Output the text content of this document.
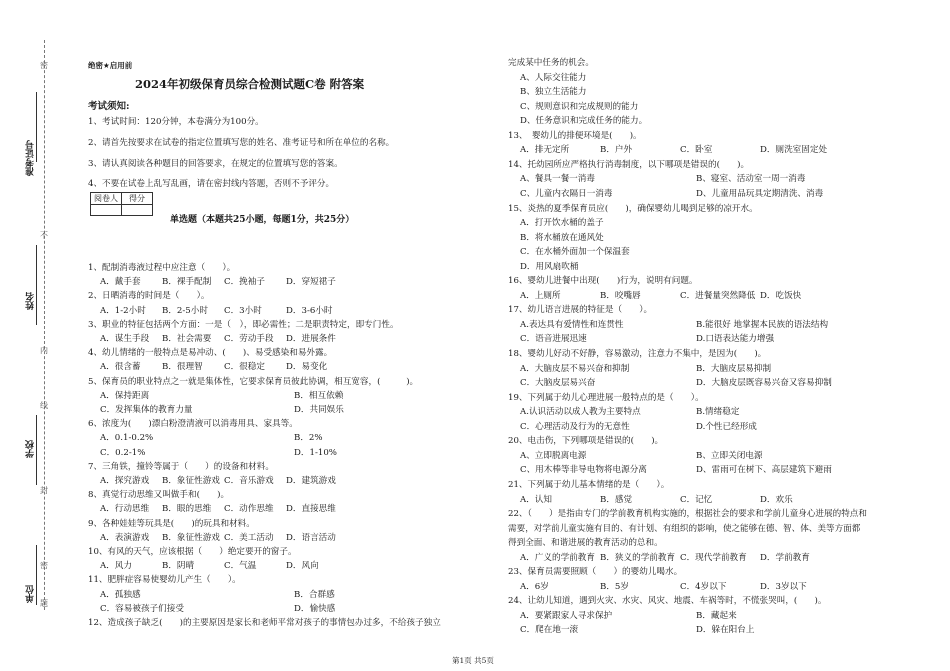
准考证号
姓名
学校
单位
密
不
内
线
封
密
题
绝密★启用前
2024年初级保育员综合检测试题C卷 附答案
考试须知:
1、考试时间：120分钟，本卷满分为100分。
2、请首先按要求在试卷的指定位置填写您的姓名、准考证号和所在单位的名称。
3、请认真阅读各种题目的回答要求，在规定的位置填写您的答案。
4、不要在试卷上乱写乱画，请在密封线内答题，否则不予评分。
阅卷人	得分

单选题（本题共25小题，每题1分，共25分）
1、配制消毒液过程中应注意（　　）。
A．戴手套 B．裸手配制 C．挽袖子 D．穿短裙子
2、日晒消毒的时间是（　　）。
A．1-2小时 B．2-5小时 C．3小时	D．3-6小时
3、职业的特征包括两个方面：一是（　），即必需性；二是职责特定，即专门性。
A．谋生手段 B．社会需要 C．劳动手段 D．进展条件
4、幼儿情绪的一般特点是易冲动、(　　)、易受感染和易外露。
A．很含蓄 B．很理智 C．很稳定 D．易变化
5、保育员的职业特点之一就是集体性，它要求保育员彼此协调，相互宽容，(　　　)。
A．保持距离	B．相互依赖
C．发挥集体的教育力量	D．共同娱乐
6、浓度为(　　)漂白粉澄清液可以消毒用具、家具等。
A．0.1-0.2%	B．2%
C．0.2-1%	D．1-10%
7、三角铁，撞铃等属于（　　）的设备和材料。
A．探究游戏 B．象征性游戏 C．音乐游戏 D．建筑游戏
8、真觉行动思维又叫做手和(　　)。
A．行动思维 B．眼的思维 C．动作思维 D．直接思维
9、各种娃娃等玩具是(　　)的玩具和材料。
A．表演游戏 B．象征性游戏 C．美工活动 D．语言活动
10、有风的天气，应该根据（　　）绝定要开的窗子。
A．风力	B．阴晴	C．气温	D．风向
11、肥胖症容易使婴幼儿产生（　　）。
A．孤独感	B．合群感
C．容易被孩子们接受	D．愉快感
12、造成孩子缺乏(　　)的主要原因是家长和老师平常对孩子的事情包办过多，不给孩子独立
完成某中任务的机会。
A、人际交往能力
B、独立生活能力
C、规则意识和完成规则的能力
D、任务意识和完成任务的能力。
13、　婴幼儿的排便环境是(　　)。
A．排无定所	B．户外	C．卧室	D．厕洗室固定处
14、托幼园所应严格执行消毒制度，以下哪项是错误的(　　)。
A、餐具一餐一消毒	B、寝室、活动室一周一消毒
C、儿童内衣隔日一消毒	D、儿童用品玩具定期清洗、消毒
15、炎热的夏季保育员应(　　)，确保婴幼儿喝到足够的凉开水。
A．打开饮水桶的盖子
B．将水桶放在通风处
C．在水桶外面加一个保温套
D．用风扇吹桶
16、婴幼儿进餐中出现(　　)行为，说明有问题。
A．上厕所	B．咬嘴唇	C．进餐量突然降低 D．吃饭快
17、幼儿语言进展的特征是（　　）。
A.表达具有爱情性和连贯性	B.能很好 地掌握本民族的语法结构
C．语音进展迅速	D.口语表达能力增强
18、婴幼儿好动不好静，容易激动，注意力不集中，是因为(　　)。
A．大脑皮层不易兴奋和抑制	B．大脑皮层易抑制
C．大脑皮层易兴奋	D．大脑皮层既容易兴奋又容易抑制
19、下列属于幼儿心理进展一般特点的是（　　）。
A.认识活动以成人教为主要特点	B.情绪稳定
C．心理活动及行为的无意性	D.个性已经形成
20、电击伤，下列哪项是错误的(　　)。
A、立即脱离电源	B、立即关闭电源
C、用木棒等非导电物将电源分离	D、雷雨可在树下、高层建筑下避雨
21、下列属于幼儿基本情绪的是（　　）。
A．认知	B．感觉	C．记忆	D．欢乐
22、（　　）是指由专门的学前教育机构实施的，根据社会的要求和学前儿童身心进展的特点和
需要，对学前儿童实施有目的、有计划、有组织的影响，使之能够在德、智、体、美等方面都
得到全面、和谐进展的教育活动的总和。
A．广义的学前教育 B．狭义的学前教育 C．现代学前教育 D．学前教育
23、保育员需要照顾（　　）的婴幼儿喝水。
A．6岁	B．5岁	C．4岁以下	D．3岁以下
24、让幼儿知道，遇到火灾、水灾、风灾、地震、车祸等时，不慌张哭叫，(　　)。
A．要紧跟家人寻求保护	B．藏起来
C．爬在地一滚	D．躲在阳台上
第1页 共5页
